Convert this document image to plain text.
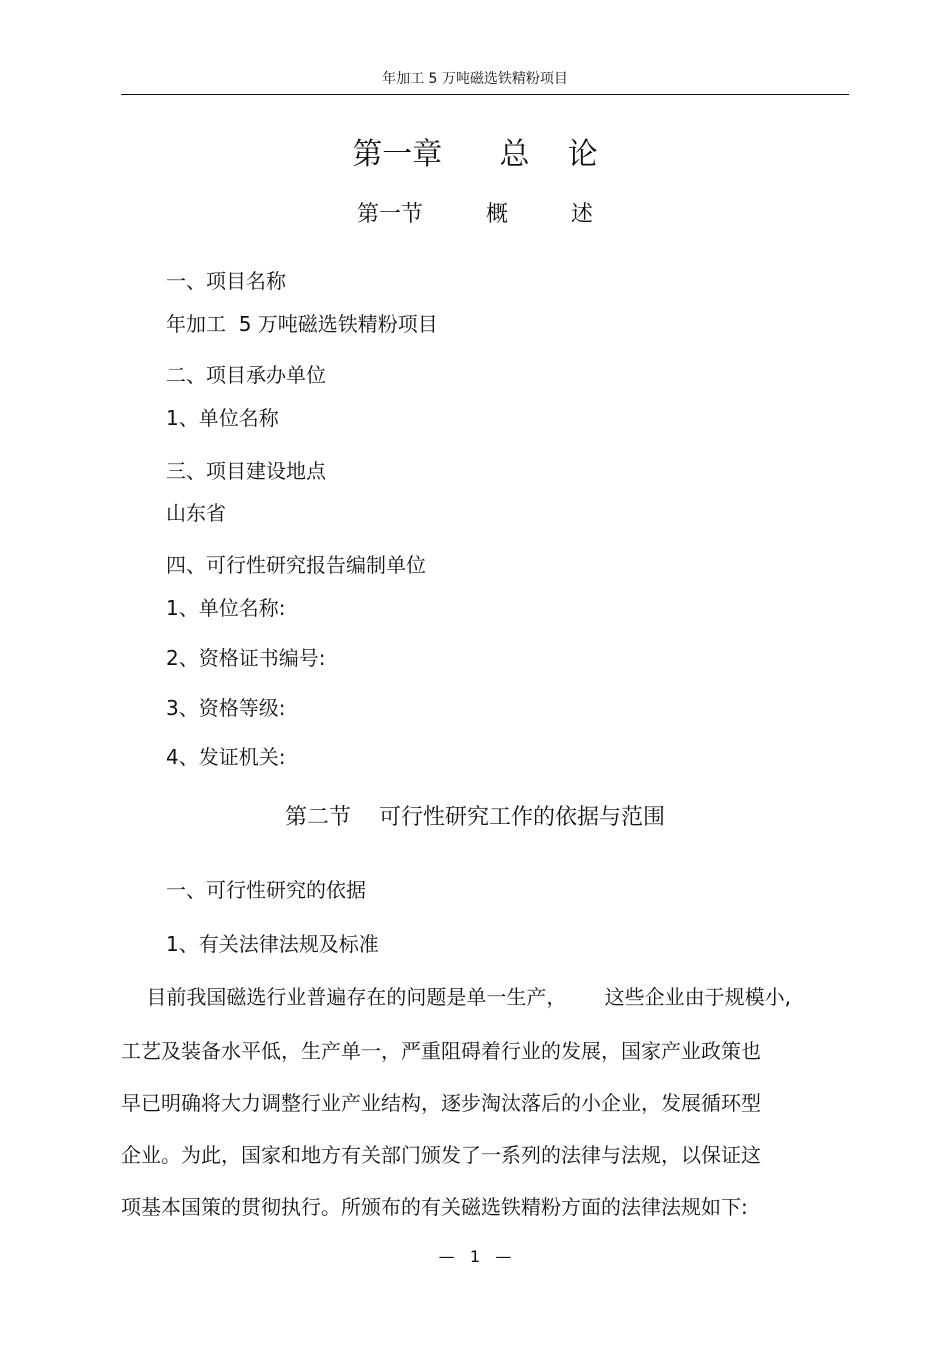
年加工 5 万吨磁选铁精粉项目
第一章      总    论
第一节         概         述
一、项目名称
年加工  5 万吨磁选铁精粉项目
二、项目承办单位
1、单位名称
三、项目建设地点
山东省
四、可行性研究报告编制单位
1、单位名称:
2、资格证书编号:
3、资格等级:
4、发证机关:
第二节    可行性研究工作的依据与范围
一、可行性研究的依据
1、有关法律法规及标准
目前我国磁选行业普遍存在的问题是单一生产，      这些企业由于规模小,
工艺及装备水平低，生产单一，严重阻碍着行业的发展，国家产业政策也
早已明确将大力调整行业产业结构，逐步淘汰落后的小企业，发展循环型
企业。为此，国家和地方有关部门颁发了一系列的法律与法规，以保证这
项基本国策的贯彻执行。所颁布的有关磁选铁精粉方面的法律法规如下:
—   1   —
